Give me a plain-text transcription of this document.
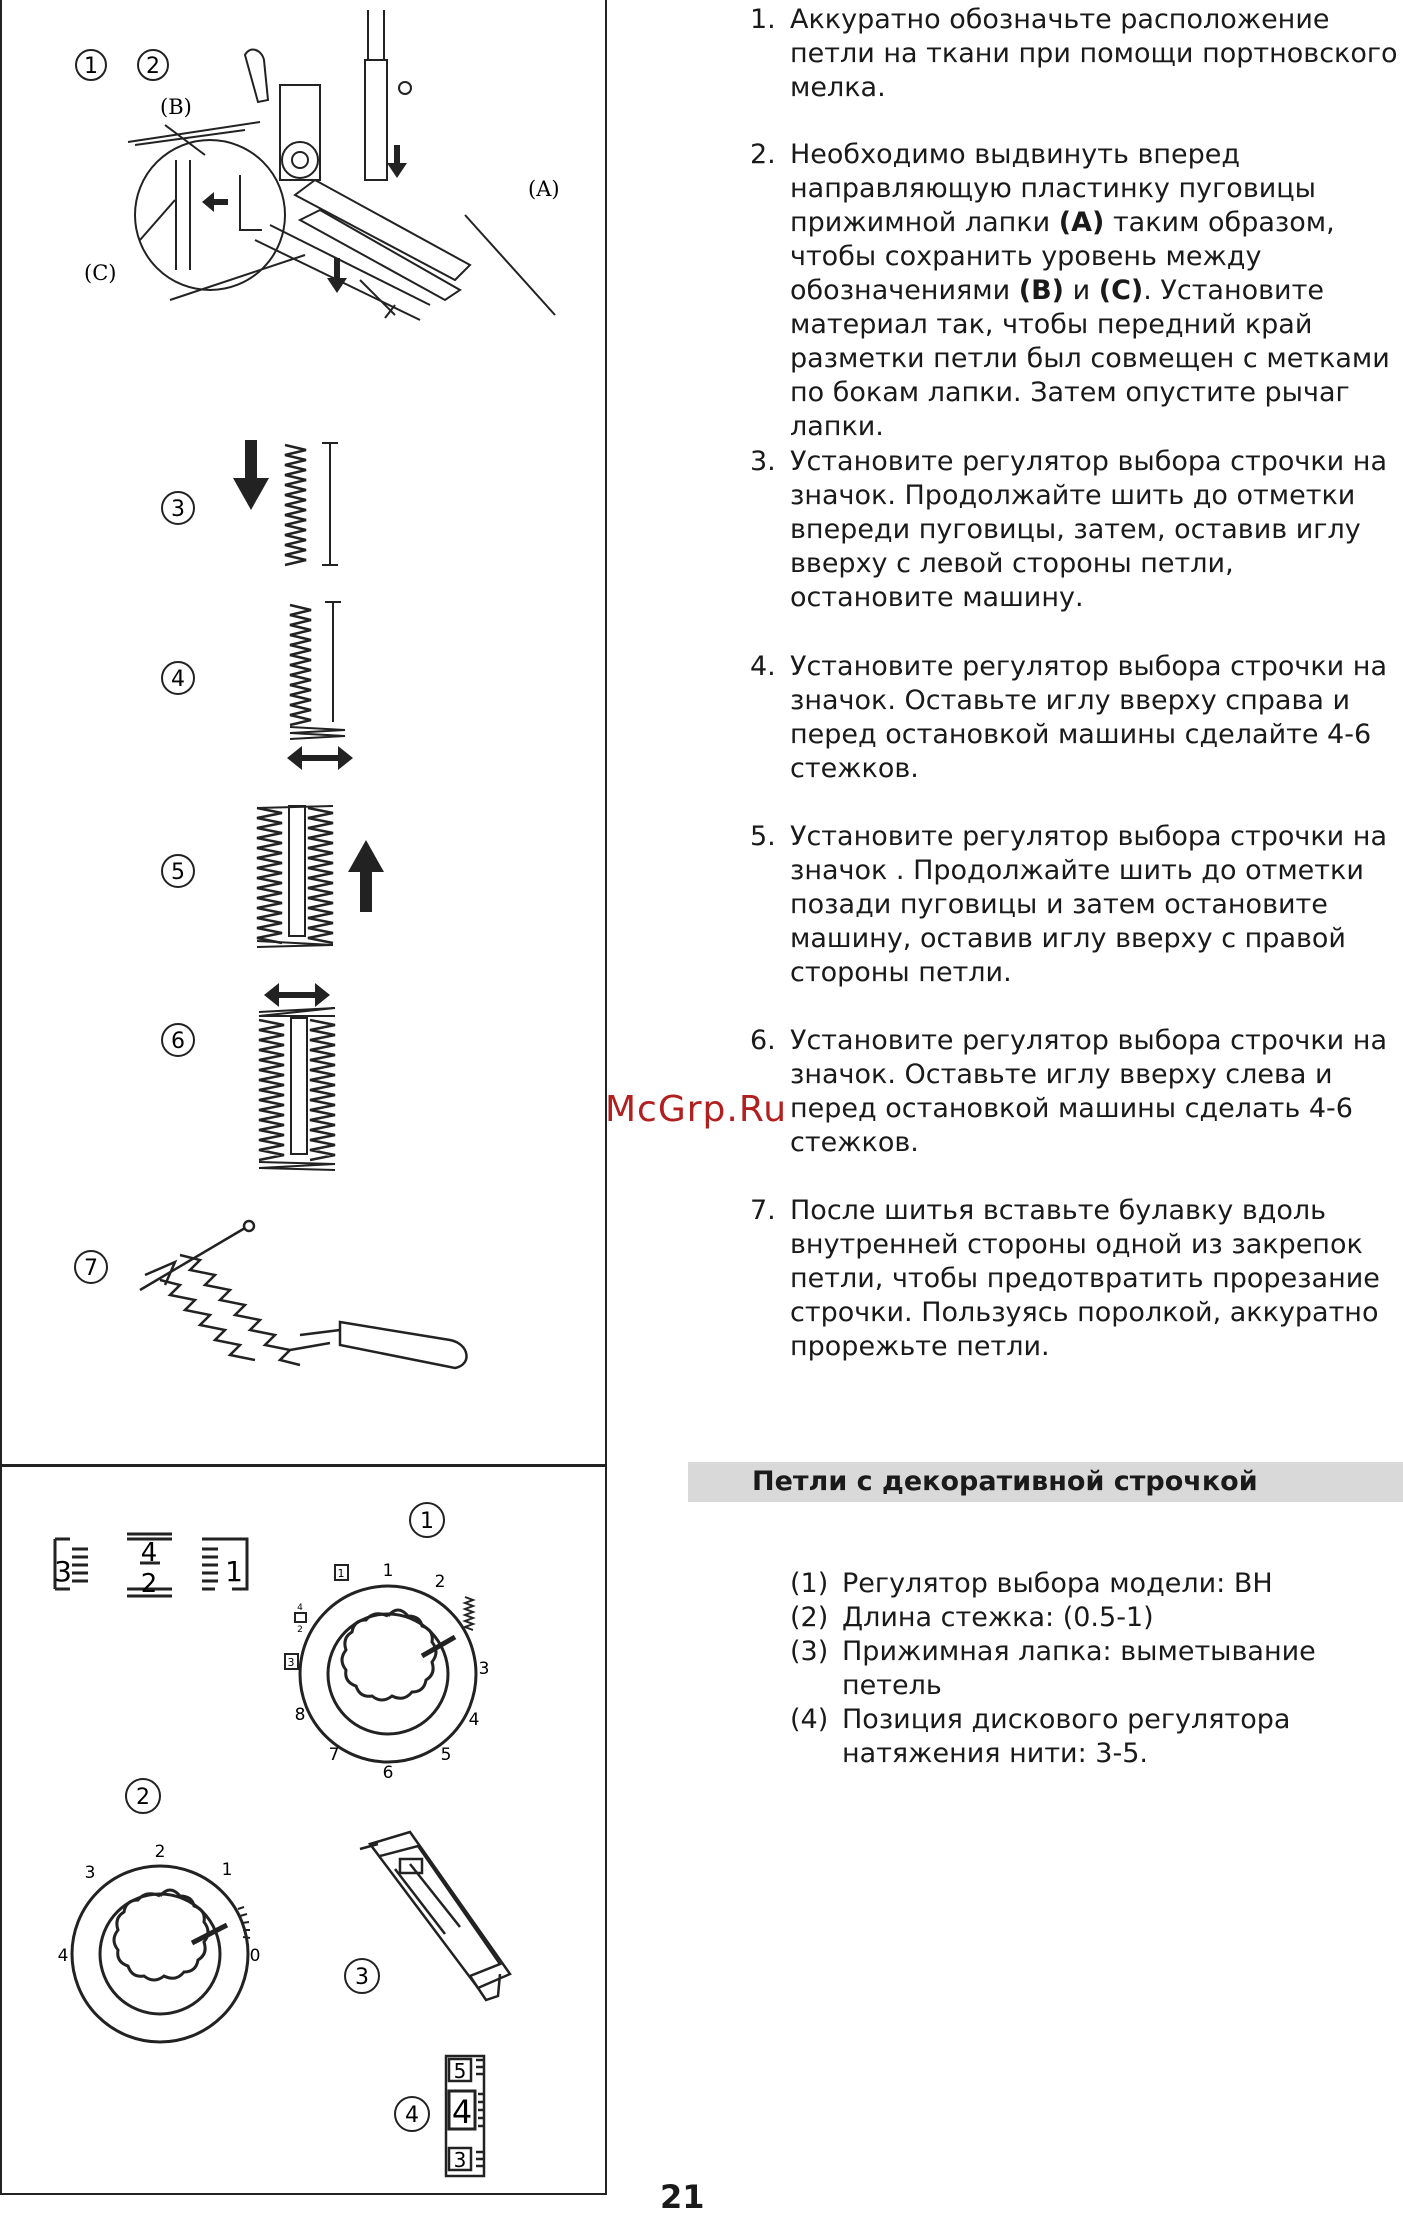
1 2
(A)
(B)
(C)
3
4
5
6
7
3
4
2 1
1
1
2
3
4
5
6
7
8
1
4
2
3
2
0
1
2
3
4
3
4
5
4
3
1. Аккуратно обозначьте расположение петли на ткани при помощи портновского мелка.
2. Необходимо выдвинуть вперед направляющую пластинку пуговицы прижимной лапки (A) таким образом, чтобы сохранить уровень между обозначениями (B) и (C). Установите материал так, чтобы передний край разметки петли был совмещен с метками по бокам лапки. Затем опустите рычаг лапки.
3. Установите регулятор выбора строчки на значок. Продолжайте шить до отметки впереди пуговицы, затем, оставив иглу вверху с левой стороны петли, остановите машину.
4. Установите регулятор выбора строчки на значок. Оставьте иглу вверху справа и перед остановкой машины сделайте 4-6 стежков.
5. Установите регулятор выбора строчки на значок . Продолжайте шить до отметки позади пуговицы и затем остановите машину, оставив иглу вверху с правой стороны петли.
6. Установите регулятор выбора строчки на значок. Оставьте иглу вверху слева и перед остановкой машины сделать 4-6 стежков.
7. После шитья вставьте булавку вдоль внутренней стороны одной из закрепок петли, чтобы предотвратить прорезание строчки. Пользуясь поролкой, аккуратно прорежьте петли.
Петли с декоративной строчкой
(1) Регулятор выбора модели: BH
(2) Длина стежка: (0.5-1)
(3) Прижимная лапка: выметывание петель
(4) Позиция дискового регулятора натяжения нити: 3-5.
McGrp.Ru
21
